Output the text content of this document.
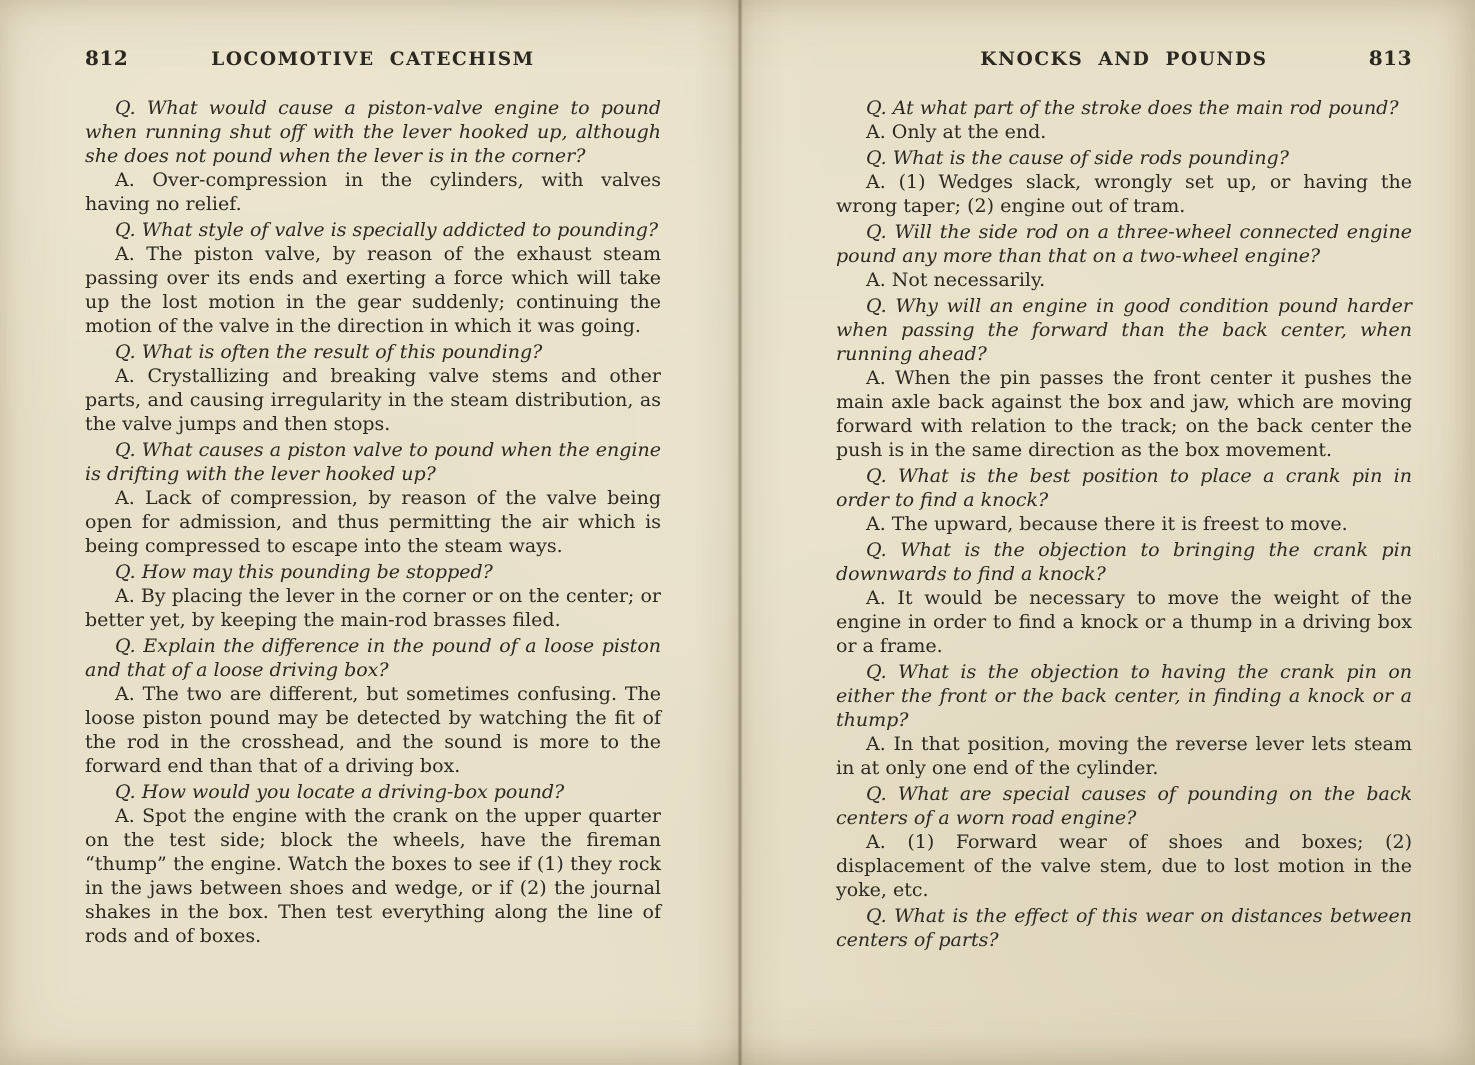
812	LOCOMOTIVE CATECHISM

Q. What would cause a piston-valve engine to pound when running shut off with the lever hooked up, although she does not pound when the lever is in the corner?

A. Over-compression in the cylinders, with valves having no relief.

Q. What style of valve is specially addicted to pounding?

A. The piston valve, by reason of the exhaust steam passing over its ends and exerting a force which will take up the lost motion in the gear suddenly; continuing the motion of the valve in the direction in which it was going.

Q. What is often the result of this pounding?

A. Crystallizing and breaking valve stems and other parts, and causing irregularity in the steam distribution, as the valve jumps and then stops.

Q. What causes a piston valve to pound when the engine is drifting with the lever hooked up?

A. Lack of compression, by reason of the valve being open for admission, and thus permitting the air which is being compressed to escape into the steam ways.

Q. How may this pounding be stopped?

A. By placing the lever in the corner or on the center; or better yet, by keeping the main-rod brasses filed.

Q. Explain the difference in the pound of a loose piston and that of a loose driving box?

A. The two are different, but sometimes confusing. The loose piston pound may be detected by watching the fit of the rod in the crosshead, and the sound is more to the forward end than that of a driving box.

Q. How would you locate a driving-box pound?

A. Spot the engine with the crank on the upper quarter on the test side; block the wheels, have the fireman “thump” the engine. Watch the boxes to see if (1) they rock in the jaws between shoes and wedge, or if (2) the journal shakes in the box. Then test everything along the line of rods and of boxes.

KNOCKS AND POUNDS	813

Q. At what part of the stroke does the main rod pound?

A. Only at the end.

Q. What is the cause of side rods pounding?

A. (1) Wedges slack, wrongly set up, or having the wrong taper; (2) engine out of tram.

Q. Will the side rod on a three-wheel connected engine pound any more than that on a two-wheel engine?

A. Not necessarily.

Q. Why will an engine in good condition pound harder when passing the forward than the back center, when running ahead?

A. When the pin passes the front center it pushes the main axle back against the box and jaw, which are moving forward with relation to the track; on the back center the push is in the same direction as the box movement.

Q. What is the best position to place a crank pin in order to find a knock?

A. The upward, because there it is freest to move.

Q. What is the objection to bringing the crank pin downwards to find a knock?

A. It would be necessary to move the weight of the engine in order to find a knock or a thump in a driving box or a frame.

Q. What is the objection to having the crank pin on either the front or the back center, in finding a knock or a thump?

A. In that position, moving the reverse lever lets steam in at only one end of the cylinder.

Q. What are special causes of pounding on the back centers of a worn road engine?

A. (1) Forward wear of shoes and boxes; (2) displacement of the valve stem, due to lost motion in the yoke, etc.

Q. What is the effect of this wear on distances between centers of parts?
